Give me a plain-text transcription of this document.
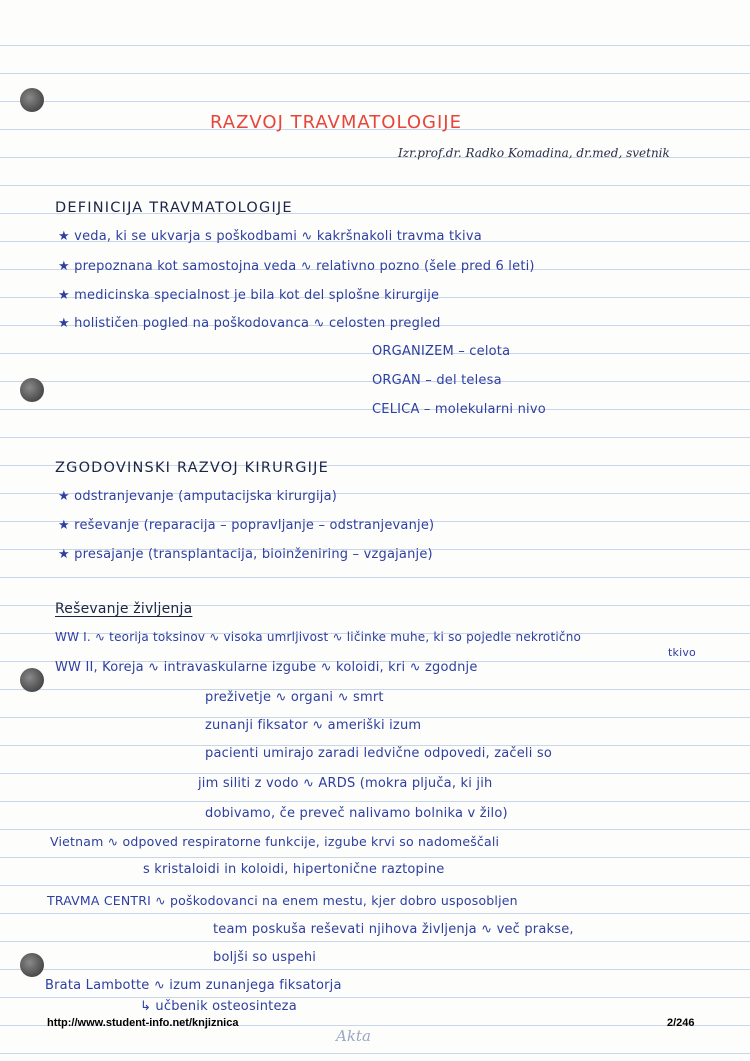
RAZVOJ TRAVMATOLOGIJE
Izr.prof.dr. Radko Komadina, dr.med, svetnik
DEFINICIJA TRAVMATOLOGIJE
★ veda, ki se ukvarja s poškodbami ∿ kakršnakoli travma tkiva
★ prepoznana kot samostojna veda ∿ relativno pozno (šele pred 6 leti)
★ medicinska specialnost je bila kot del splošne kirurgije
★ holističen pogled na poškodovanca ∿ celosten pregled
ORGANIZEM – celota
ORGAN – del telesa
CELICA – molekularni nivo
ZGODOVINSKI RAZVOJ KIRURGIJE
★ odstranjevanje (amputacijska kirurgija)
★ reševanje (reparacija – popravljanje – odstranjevanje)
★ presajanje (transplantacija, bioinženiring – vzgajanje)
Reševanje življenja
WW I. ∿ teorija toksinov ∿ visoka umrljivost ∿ ličinke muhe, ki so pojedle nekrotično
tkivo
WW II, Koreja ∿ intravaskularne izgube ∿ koloidi, kri ∿ zgodnje
preživetje ∿ organi ∿ smrt
zunanji fiksator ∿ ameriški izum
pacienti umirajo zaradi ledvične odpovedi, začeli so
jim siliti z vodo ∿ ARDS (mokra pljuča, ki jih
dobivamo, če preveč nalivamo bolnika v žilo)
Vietnam ∿ odpoved respiratorne funkcije, izgube krvi so nadomeščali
s kristaloidi in koloidi, hipertonične raztopine
TRAVMA CENTRI ∿ poškodovanci na enem mestu, kjer dobro usposobljen
team poskuša reševati njihova življenja ∿ več prakse,
boljši so uspehi
Brata Lambotte ∿ izum zunanjega fiksatorja
↳ učbenik osteosinteza
http://www.student-info.net/knjiznica	2/246
Akta
